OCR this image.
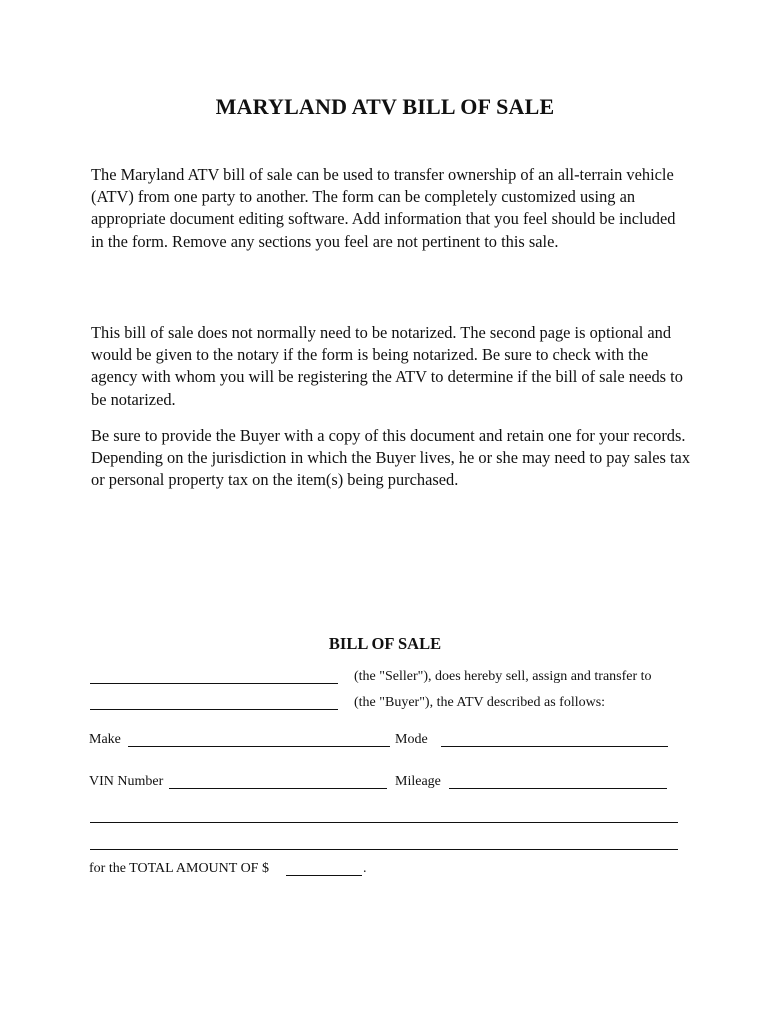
MARYLAND ATV BILL OF SALE

The Maryland ATV bill of sale can be used to transfer ownership of an all-terrain vehicle (ATV) from one party to another. The form can be completely customized using an appropriate document editing software. Add information that you feel should be included in the form. Remove any sections you feel are not pertinent to this sale.

This bill of sale does not normally need to be notarized. The second page is optional and would be given to the notary if the form is being notarized. Be sure to check with the agency with whom you will be registering the ATV to determine if the bill of sale needs to be notarized.

Be sure to provide the Buyer with a copy of this document and retain one for your records. Depending on the jurisdiction in which the Buyer lives, he or she may need to pay sales tax or personal property tax on the item(s) being purchased.

BILL OF SALE
(the "Seller"), does hereby sell, assign and transfer to
(the "Buyer"), the ATV described as follows:
Make	Mode
VIN Number	Mileage
for the TOTAL AMOUNT OF $	.
